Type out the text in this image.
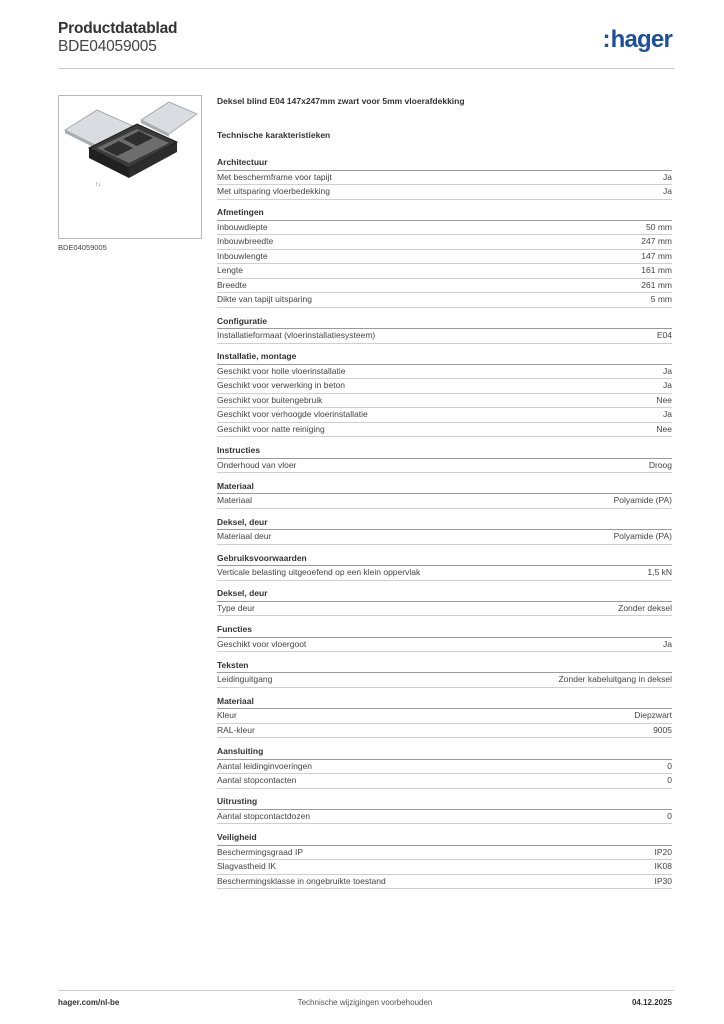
Productdatablad
BDE04059005	:hager
↑↓
BDE04059005
Deksel blind E04 147x247mm zwart voor 5mm vloerafdekking
Technische karakteristieken
Architectuur
Met beschermframe voor tapijt	Ja
Met uitsparing vloerbedekking	Ja
Afmetingen
Inbouwdiepte	50 mm
Inbouwbreedte	247 mm
Inbouwlengte	147 mm
Lengte	161 mm
Breedte	261 mm
Dikte van tapijt uitsparing	5 mm
Configuratie
Installatieformaat (vloerinstallatiesysteem)	E04
Installatie, montage
Geschikt voor holle vloerinstallatie	Ja
Geschikt voor verwerking in beton	Ja
Geschikt voor buitengebruik	Nee
Geschikt voor verhoogde vloerinstallatie	Ja
Geschikt voor natte reiniging	Nee
Instructies
Onderhoud van vloer	Droog
Materiaal
Materiaal	Polyamide (PA)
Deksel, deur
Materiaal deur	Polyamide (PA)
Gebruiksvoorwaarden
Verticale belasting uitgeoefend op een klein oppervlak	1,5 kN
Deksel, deur
Type deur	Zonder deksel
Functies
Geschikt voor vloergoot	Ja
Teksten
Leidinguitgang	Zonder kabeluitgang in deksel
Materiaal
Kleur	Diepzwart
RAL-kleur	9005
Aansluiting
Aantal leidinginvoeringen	0
Aantal stopcontacten	0
Uitrusting
Aantal stopcontactdozen	0
Veiligheid
Beschermingsgraad IP	IP20
Slagvastheid IK	IK08
Beschermingsklasse in ongebruikte toestand	IP30
hager.com/nl-be	Technische wijzigingen voorbehouden	04.12.2025
